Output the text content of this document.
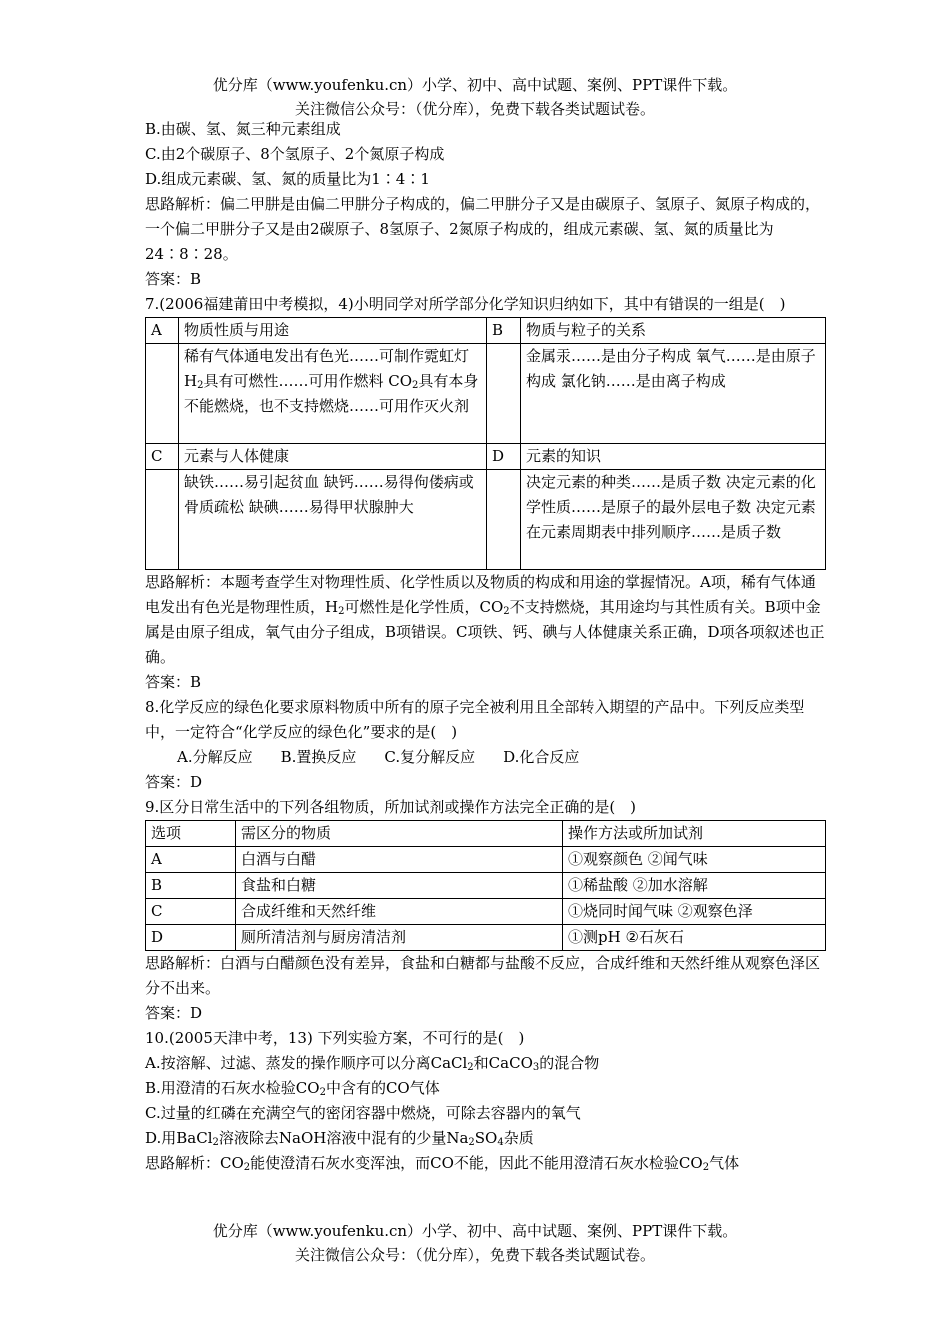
优分库（www.youfenku.cn）小学、初中、高中试题、案例、PPT课件下载。
关注微信公众号：（优分库），免费下载各类试题试卷。
B.由碳、氢、氮三种元素组成
C.由2个碳原子、8个氢原子、2个氮原子构成
D.组成元素碳、氢、氮的质量比为1∶4∶1
思路解析：偏二甲肼是由偏二甲肼分子构成的，偏二甲肼分子又是由碳原子、氢原子、氮原子构成的，一个偏二甲肼分子又是由2碳原子、8氢原子、2氮原子构成的，组成元素碳、氢、氮的质量比为24∶8∶28。
答案：B
7.(2006福建莆田中考模拟，4)小明同学对所学部分化学知识归纳如下，其中有错误的一组是(　)
A	物质性质与用途	B	物质与粒子的关系
	稀有气体通电发出有色光……可制作霓虹灯 $H_2$具有可燃性……可用作燃料 $CO_2$具有本身不能燃烧，也不支持燃烧……可用作灭火剂		金属汞……是由分子构成 氧气……是由原子构成 氯化钠……是由离子构成
C	元素与人体健康	D	元素的知识
	缺铁……易引起贫血 缺钙……易得佝偻病或骨质疏松 缺碘……易得甲状腺肿大		决定元素的种类……是质子数 决定元素的化学性质……是原子的最外层电子数 决定元素在元素周期表中排列顺序……是质子数
思路解析：本题考查学生对物理性质、化学性质以及物质的构成和用途的掌握情况。A项，稀有气体通电发出有色光是物理性质，$H_2$可燃性是化学性质，$CO_2$不支持燃烧，其用途均与其性质有关。B项中金属是由原子组成，氧气由分子组成，B项错误。C项铁、钙、碘与人体健康关系正确，D项各项叙述也正确。
答案：B
8.化学反应的绿色化要求原料物质中所有的原子完全被利用且全部转入期望的产品中。下列反应类型中，一定符合“化学反应的绿色化”要求的是(　)
A.分解反应 B.置换反应 C.复分解反应 D.化合反应
答案：D
9.区分日常生活中的下列各组物质，所加试剂或操作方法完全正确的是(　)
选项	需区分的物质	操作方法或所加试剂
A	白酒与白醋	①观察颜色 ②闻气味
B	食盐和白糖	①稀盐酸 ②加水溶解
C	合成纤维和天然纤维	①烧同时闻气味 ②观察色泽
D	厕所清洁剂与厨房清洁剂	①测pH ②石灰石
思路解析：白酒与白醋颜色没有差异，食盐和白糖都与盐酸不反应，合成纤维和天然纤维从观察色泽区分不出来。
答案：D
10.(2005天津中考，13) 下列实验方案，不可行的是(　)
A.按溶解、过滤、蒸发的操作顺序可以分离CaCl$_2$和CaCO$_3$的混合物
B.用澄清的石灰水检验$CO_2$中含有的CO气体
C.过量的红磷在充满空气的密闭容器中燃烧，可除去容器内的氧气
D.用BaCl$_2$溶液除去NaOH溶液中混有的少量$Na_2SO_4$杂质
思路解析：$CO_2$能使澄清石灰水变浑浊，而CO不能，因此不能用澄清石灰水检验$CO_2$气体
优分库（www.youfenku.cn）小学、初中、高中试题、案例、PPT课件下载。
关注微信公众号：（优分库），免费下载各类试题试卷。
